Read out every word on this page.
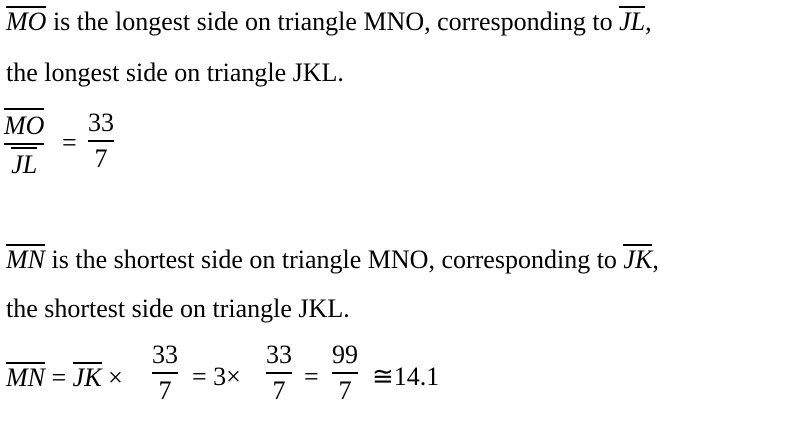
MO is the longest side on triangle MNO, corresponding to JL,
the longest side on triangle JKL.
$\frac{MO}{JL}$ =
33
7
MN is the shortest side on triangle MNO, corresponding to JK,
the shortest side on triangle JKL.
MN = JK ×
33
7 = 3×
33
7 =
99
7 ≅14.1
